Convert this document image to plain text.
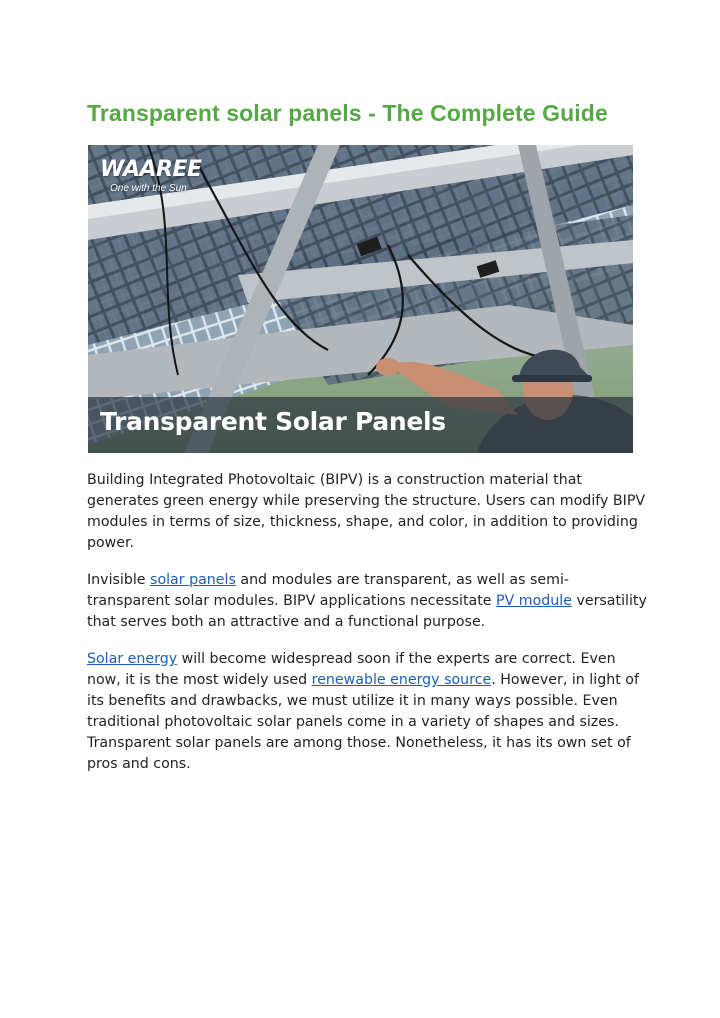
Transparent solar panels - The Complete Guide
WAAREE
One with the Sun
Transparent Solar Panels

Building Integrated Photovoltaic (BIPV) is a construction material that generates green energy while preserving the structure. Users can modify BIPV modules in terms of size, thickness, shape, and color, in addition to providing power.

Invisible solar panels and modules are transparent, as well as semi-transparent solar modules. BIPV applications necessitate PV module versatility that serves both an attractive and a functional purpose.

Solar energy will become widespread soon if the experts are correct. Even now, it is the most widely used renewable energy source. However, in light of its benefits and drawbacks, we must utilize it in many ways possible. Even traditional photovoltaic solar panels come in a variety of shapes and sizes. Transparent solar panels are among those. Nonetheless, it has its own set of pros and cons.
